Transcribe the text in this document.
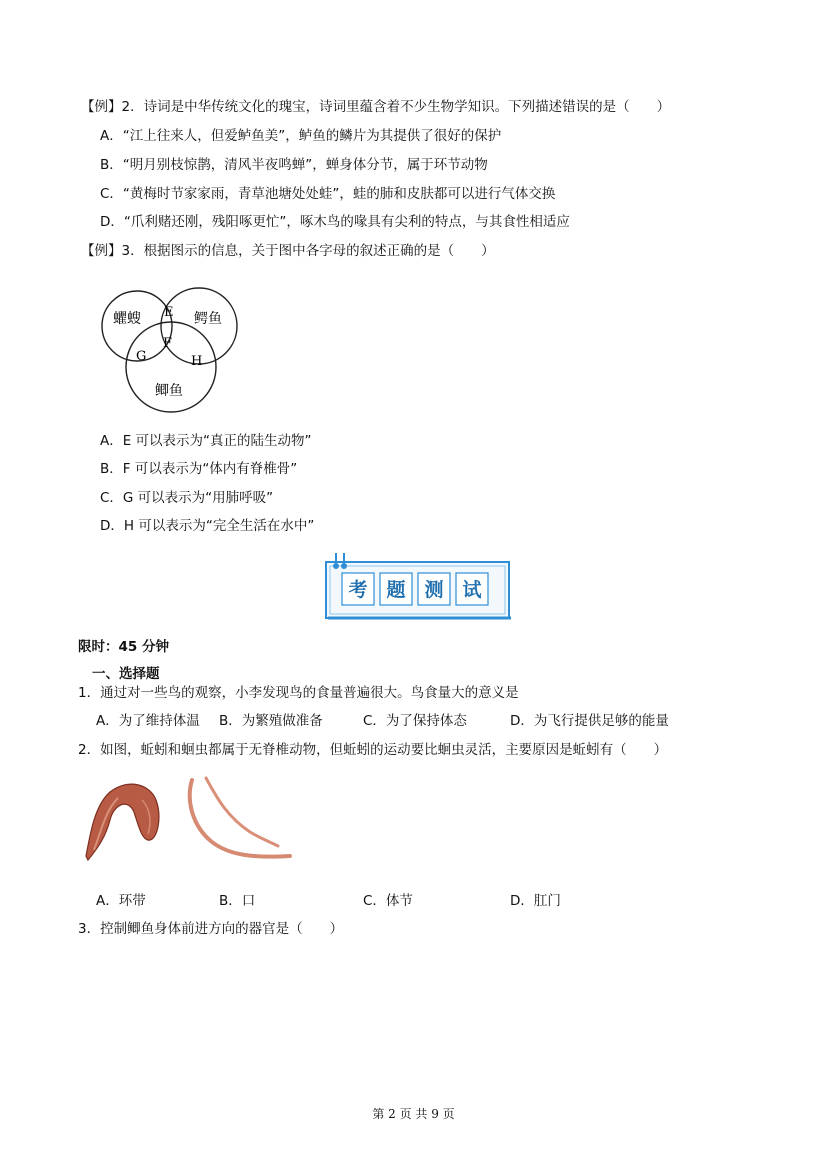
【例】2．诗词是中华传统文化的瑰宝，诗词里蕴含着不少生物学知识。下列描述错误的是（　　）
A．“江上往来人，但爱鲈鱼美”，鲈鱼的鳞片为其提供了很好的保护
B．“明月别枝惊鹊，清风半夜鸣蝉”，蝉身体分节，属于环节动物
C．“黄梅时节家家雨，青草池塘处处蛙”，蛙的肺和皮肤都可以进行气体交换
D．“爪利赌还刚，残阳啄更忙”，啄木鸟的喙具有尖利的特点，与其食性相适应
【例】3．根据图示的信息，关于图中各字母的叙述正确的是（　　）
蠷螋	鳄鱼
鲫鱼
E
F
G	H
A．E 可以表示为“真正的陆生动物”
B．F 可以表示为“体内有脊椎骨”
C．G 可以表示为“用肺呼吸”
D．H 可以表示为“完全生活在水中”
考 题 测 试
限时：45 分钟
一、选择题
1．通过对一些鸟的观察，小李发现鸟的食量普遍很大。鸟食量大的意义是
A．为了维持体温 B．为繁殖做准备	C．为了保持体态	D．为飞行提供足够的能量
2．如图，蚯蚓和蛔虫都属于无脊椎动物，但蚯蚓的运动要比蛔虫灵活，主要原因是蚯蚓有（　　）
A．环带	B．口	C．体节	D．肛门
3．控制鲫鱼身体前进方向的器官是（　　）
第 2 页 共 9 页
